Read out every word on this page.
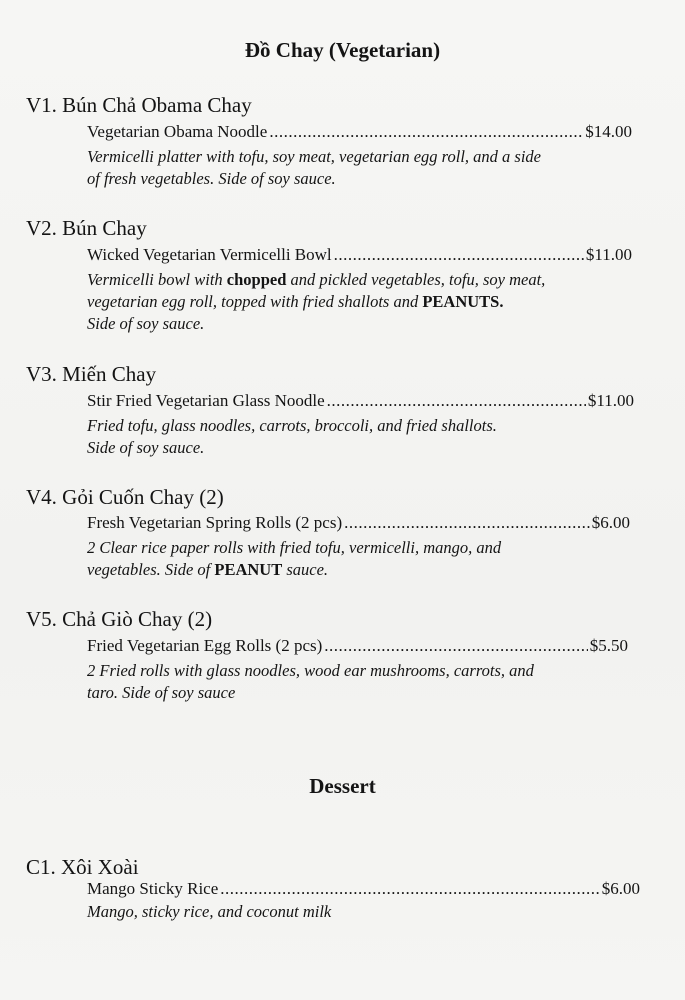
Đồ Chay (Vegetarian)
V1. Bún Chả Obama Chay
Vegetarian Obama Noodle .....	$14.00
Vermicelli platter with tofu, soy meat, vegetarian egg roll, and a side
of fresh vegetables. Side of soy sauce.
V2. Bún Chay
Wicked Vegetarian Vermicelli Bowl .....	$11.00
Vermicelli bowl with chopped and pickled vegetables, tofu, soy meat,
vegetarian egg roll, topped with fried shallots and PEANUTS.
Side of soy sauce.
V3. Miến Chay
Stir Fried Vegetarian Glass Noodle .....	$11.00
Fried tofu, glass noodles, carrots, broccoli, and fried shallots.
Side of soy sauce.
V4. Gỏi Cuốn Chay (2)
Fresh Vegetarian Spring Rolls (2 pcs) .....	$6.00
2 Clear rice paper rolls with fried tofu, vermicelli, mango, and
vegetables. Side of PEANUT sauce.
V5. Chả Giò Chay (2)
Fried Vegetarian Egg Rolls (2 pcs) .....	$5.50
2 Fried rolls with glass noodles, wood ear mushrooms, carrots, and
taro. Side of soy sauce
Dessert
C1. Xôi Xoài
Mango Sticky Rice .....	$6.00
Mango, sticky rice, and coconut milk
